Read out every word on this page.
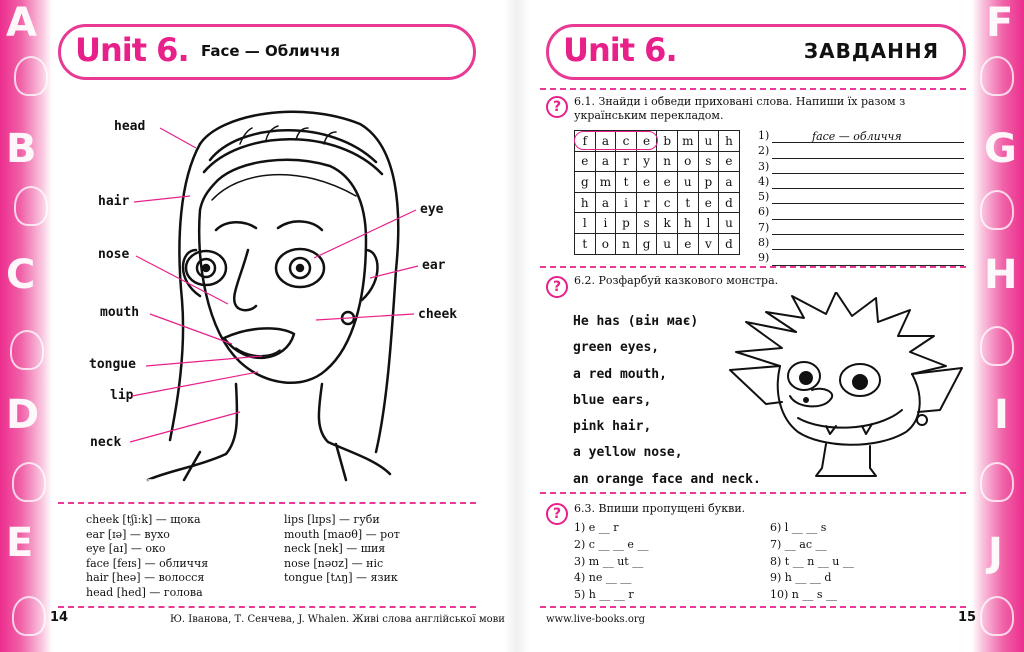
A
B
C
D
E
F
G
H
I
J
Unit 6. Face — Обличчя
head
hair
nose
mouth
tongue
lip
neck
eye
ear
cheek
cheek [tʃi:k] — щока
ear [ɪə] — вухо
eye [aɪ] — око
face [feɪs] — обличчя
hair [heə] — волосся
head [hed] — голова
lips [lɪps] — губи
mouth [maʊθ] — рот
neck [nek] — шия
nose [nəʊz] — ніс
tongue [tʌŋ] — язик
14	Ю. Іванова, Т. Сенчева, J. Whalen. Живі слова англійської мови
Unit 6.	ЗАВДАННЯ
?	6.1. Знайди і обведи приховані слова. Напиши їх разом з українським перекладом.
f	a	c	e	b	m	u	h
e	a	r	y	n	o	s	e
g	m	t	e	e	u	p	a
h	a	i	r	c	t	e	d
l	i	p	s	k	h	l	u
t	o	n	g	u	e	v	d
1)	face — обличчя
2)
3)
4)
5)
6)
7)
8)
9)
?	6.2. Розфарбуй казкового монстра.
He has (він має)
green eyes,
a red mouth,
blue ears,
pink hair,
a yellow nose,
an orange face and neck.
?	6.3. Впиши пропущені букви.
1) e __ r
2) c __ __ e __
3) m __ ut __
4) ne __ __
5) h __ __ r
6) l __ __ s
7) __ ac __
8) t __ n __ u __
9) h __ __ d
10) n __ s __
www.live-books.org	15
